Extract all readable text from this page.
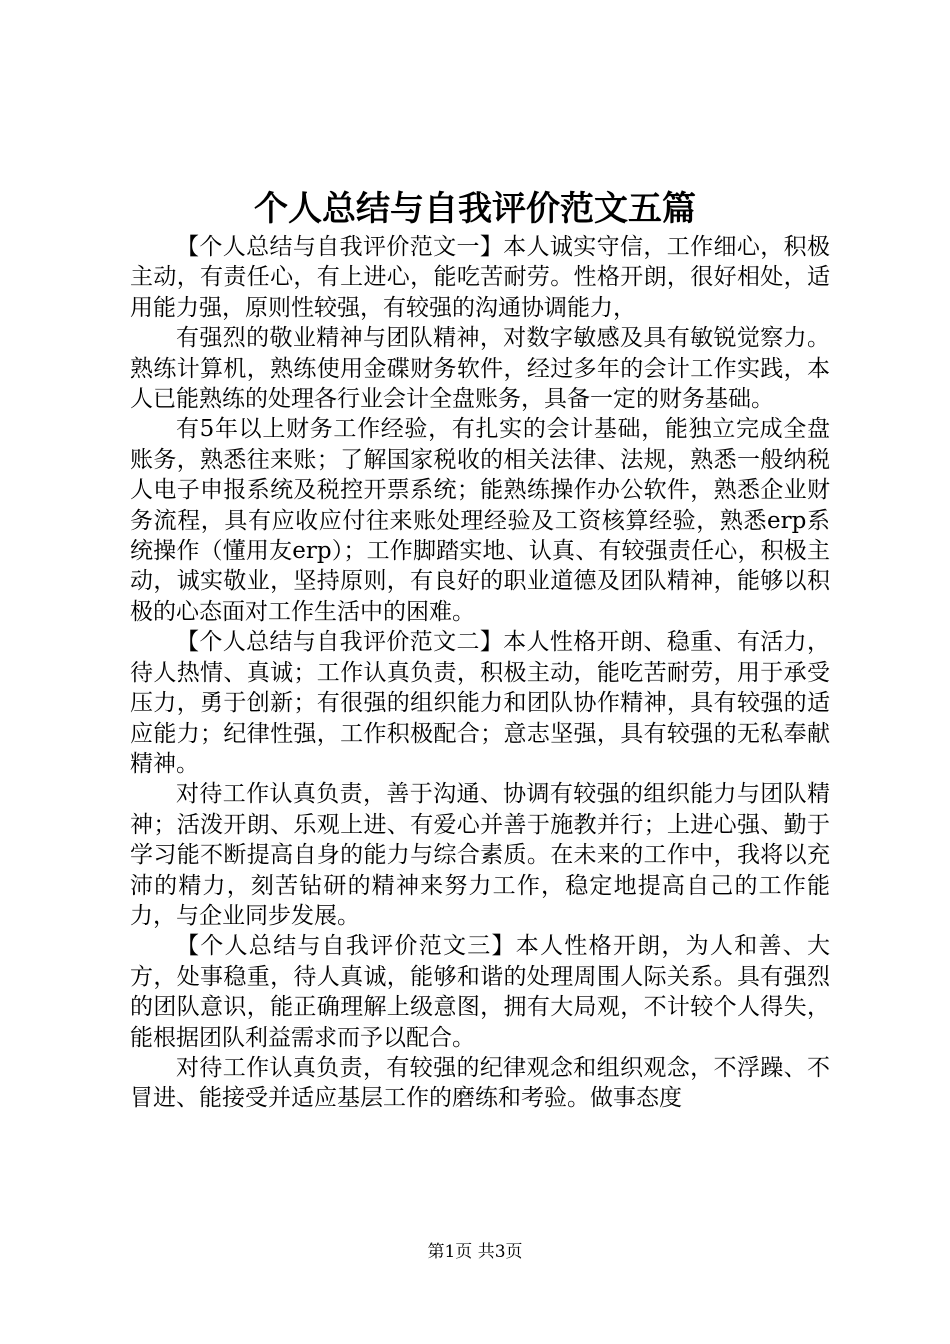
个人总结与自我评价范文五篇

【个人总结与自我评价范文一】本人诚实守信，工作细心，积极主动，有责任心，有上进心，能吃苦耐劳。性格开朗，很好相处，适用能力强，原则性较强，有较强的沟通协调能力，

有强烈的敬业精神与团队精神，对数字敏感及具有敏锐觉察力。熟练计算机，熟练使用金碟财务软件，经过多年的会计工作实践，本人已能熟练的处理各行业会计全盘账务，具备一定的财务基础。

有5年以上财务工作经验，有扎实的会计基础，能独立完成全盘账务，熟悉往来账；了解国家税收的相关法律、法规，熟悉一般纳税人电子申报系统及税控开票系统；能熟练操作办公软件，熟悉企业财务流程，具有应收应付往来账处理经验及工资核算经验，熟悉erp系统操作（懂用友erp）；工作脚踏实地、认真、有较强责任心，积极主动，诚实敬业，坚持原则，有良好的职业道德及团队精神，能够以积极的心态面对工作生活中的困难。

【个人总结与自我评价范文二】本人性格开朗、稳重、有活力，待人热情、真诚；工作认真负责，积极主动，能吃苦耐劳，用于承受压力，勇于创新；有很强的组织能力和团队协作精神，具有较强的适应能力；纪律性强，工作积极配合；意志坚强，具有较强的无私奉献精神。

对待工作认真负责，善于沟通、协调有较强的组织能力与团队精神；活泼开朗、乐观上进、有爱心并善于施教并行；上进心强、勤于学习能不断提高自身的能力与综合素质。在未来的工作中，我将以充沛的精力，刻苦钻研的精神来努力工作，稳定地提高自己的工作能力，与企业同步发展。

【个人总结与自我评价范文三】本人性格开朗，为人和善、大方，处事稳重，待人真诚，能够和谐的处理周围人际关系。具有强烈的团队意识，能正确理解上级意图，拥有大局观，不计较个人得失，能根据团队利益需求而予以配合。

对待工作认真负责，有较强的纪律观念和组织观念，不浮躁、不冒进、能接受并适应基层工作的磨练和考验。做事态度

第1页 共3页
